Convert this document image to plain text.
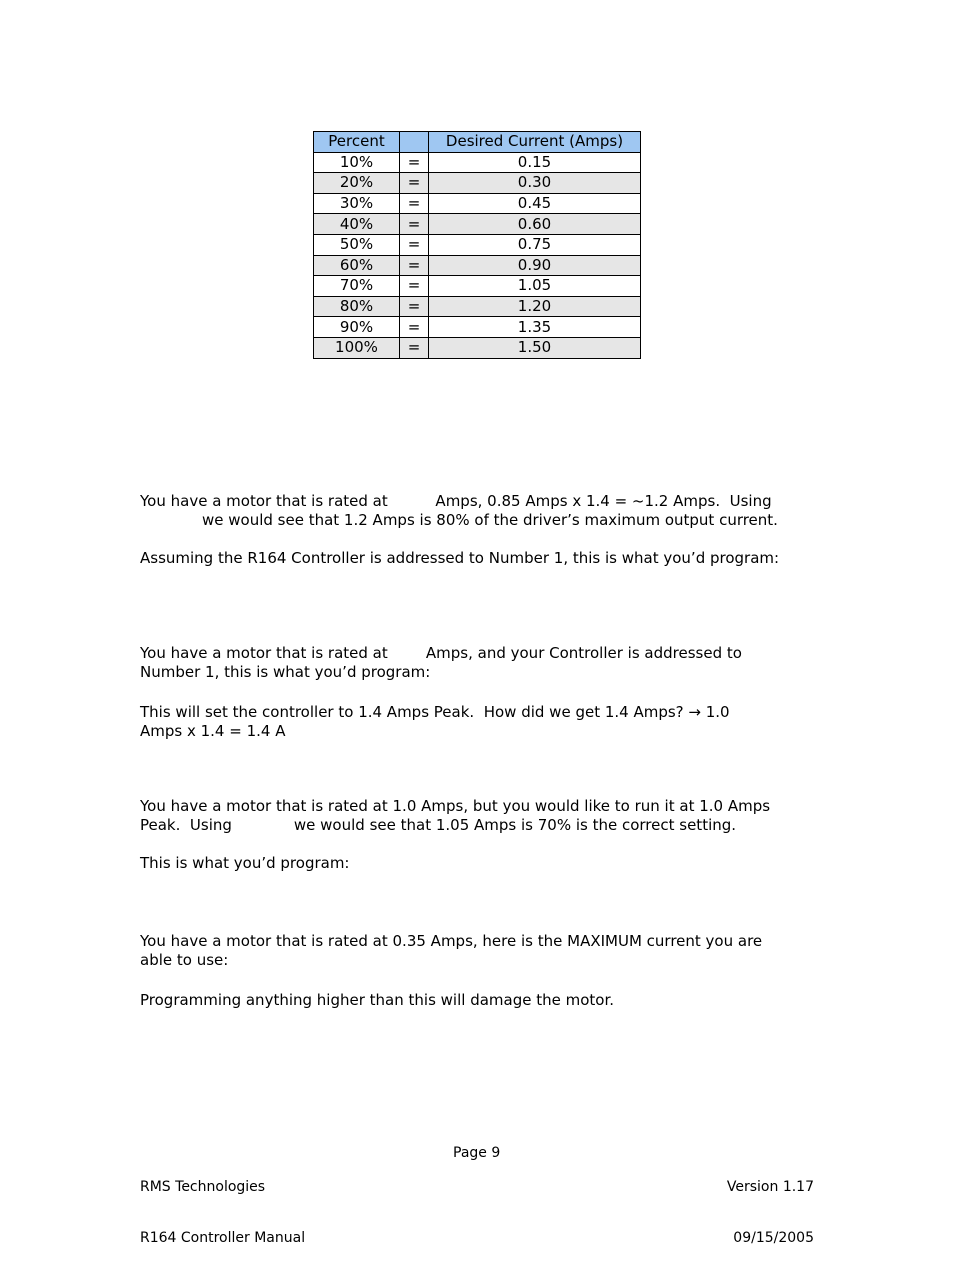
Percent		Desired Current (Amps)
10%	=	0.15
20%	=	0.30
30%	=	0.45
40%	=	0.60
50%	=	0.75
60%	=	0.90
70%	=	1.05
80%	=	1.20
90%	=	1.35
100%	=	1.50
You have a motor that is rated at          Amps, 0.85 Amps x 1.4 = ~1.2 Amps.  Using
we would see that 1.2 Amps is 80% of the driver’s maximum output current.
Assuming the R164 Controller is addressed to Number 1, this is what you’d program:
You have a motor that is rated at        Amps, and your Controller is addressed to
Number 1, this is what you’d program:
This will set the controller to 1.4 Amps Peak.  How did we get 1.4 Amps? → 1.0
Amps x 1.4 = 1.4 A
You have a motor that is rated at 1.0 Amps, but you would like to run it at 1.0 Amps
Peak.  Using             we would see that 1.05 Amps is 70% is the correct setting.
This is what you’d program:
You have a motor that is rated at 0.35 Amps, here is the MAXIMUM current you are
able to use:
Programming anything higher than this will damage the motor.

RMS Technologies

R164 Controller Manual

Page 9

Version 1.17

09/15/2005
